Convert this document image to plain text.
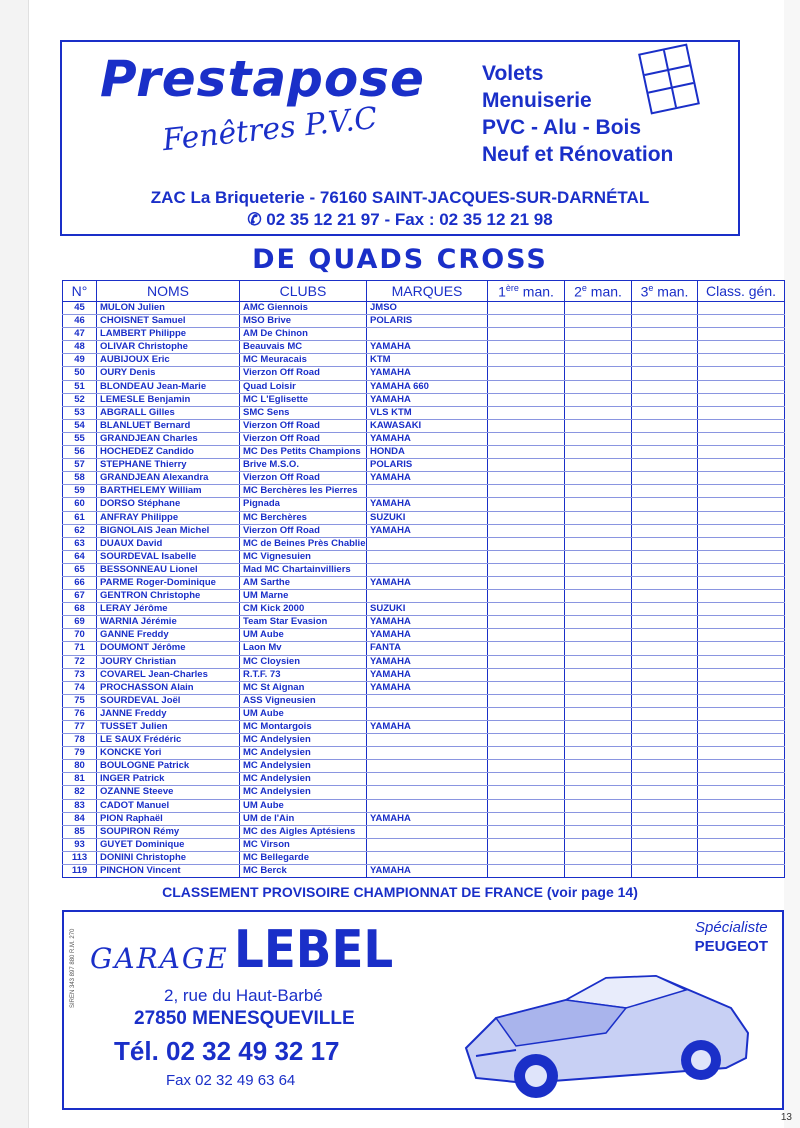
Prestapose
Fenêtres P.V.C
Volets
Menuiserie
PVC - Alu - Bois
Neuf et Rénovation
ZAC La Briqueterie - 76160 SAINT-JACQUES-SUR-DARNÉTAL
✆ 02 35 12 21 97 - Fax : 02 35 12 21 98
DE QUADS CROSS
N°	NOMS	CLUBS	MARQUES	1ère man.	2e man.	3e man.	Class. gén.
45	MULON Julien	AMC Giennois	JMSO				
46	CHOISNET Samuel	MSO Brive	POLARIS				
47	LAMBERT Philippe	AM De Chinon					
48	OLIVAR Christophe	Beauvais MC	YAMAHA				
49	AUBIJOUX Eric	MC Meuracais	KTM				
50	OURY Denis	Vierzon Off Road	YAMAHA				
51	BLONDEAU Jean-Marie	Quad Loisir	YAMAHA 660				
52	LEMESLE Benjamin	MC L'Eglisette	YAMAHA				
53	ABGRALL Gilles	SMC Sens	VLS KTM				
54	BLANLUET Bernard	Vierzon Off Road	KAWASAKI				
55	GRANDJEAN Charles	Vierzon Off Road	YAMAHA				
56	HOCHEDEZ Candido	MC Des Petits Champions	HONDA				
57	STEPHANE Thierry	Brive M.S.O.	POLARIS				
58	GRANDJEAN Alexandra	Vierzon Off Road	YAMAHA				
59	BARTHELEMY William	MC Berchères les Pierres					
60	DORSO Stéphane	Pignada	YAMAHA				
61	ANFRAY Philippe	MC Berchères	SUZUKI				
62	BIGNOLAIS Jean Michel	Vierzon Off Road	YAMAHA				
63	DUAUX David	MC de Beines Près Chablie					
64	SOURDEVAL Isabelle	MC Vignesuien					
65	BESSONNEAU Lionel	Mad MC Chartainvilliers					
66	PARME Roger-Dominique	AM Sarthe	YAMAHA				
67	GENTRON Christophe	UM Marne					
68	LERAY Jérôme	CM Kick 2000	SUZUKI				
69	WARNIA Jérémie	Team Star Evasion	YAMAHA				
70	GANNE Freddy	UM Aube	YAMAHA				
71	DOUMONT Jérôme	Laon Mv	FANTA				
72	JOURY Christian	MC Cloysien	YAMAHA				
73	COVAREL Jean-Charles	R.T.F. 73	YAMAHA				
74	PROCHASSON Alain	MC St Aignan	YAMAHA				
75	SOURDEVAL Joël	ASS Vigneusien					
76	JANNE Freddy	UM Aube					
77	TUSSET Julien	MC Montargois	YAMAHA				
78	LE SAUX Frédéric	MC Andelysien					
79	KONCKE Yori	MC Andelysien					
80	BOULOGNE Patrick	MC Andelysien					
81	INGER Patrick	MC Andelysien					
82	OZANNE Steeve	MC Andelysien					
83	CADOT Manuel	UM Aube					
84	PION Raphaël	UM de l'Ain	YAMAHA				
85	SOUPIRON Rémy	MC des Aigles Aptésiens					
93	GUYET Dominique	MC Virson					
113	DONINI Christophe	MC Bellegarde					
119	PINCHON Vincent	MC Berck	YAMAHA				
CLASSEMENT PROVISOIRE CHAMPIONNAT DE FRANCE (voir page 14)
SIREN 343 897 880 R.M. 270 GARAGE LEBEL
2, rue du Haut-Barbé
27850 MENESQUEVILLE
Tél. 02 32 49 32 17
Fax 02 32 49 63 64
Spécialiste
PEUGEOT
13
